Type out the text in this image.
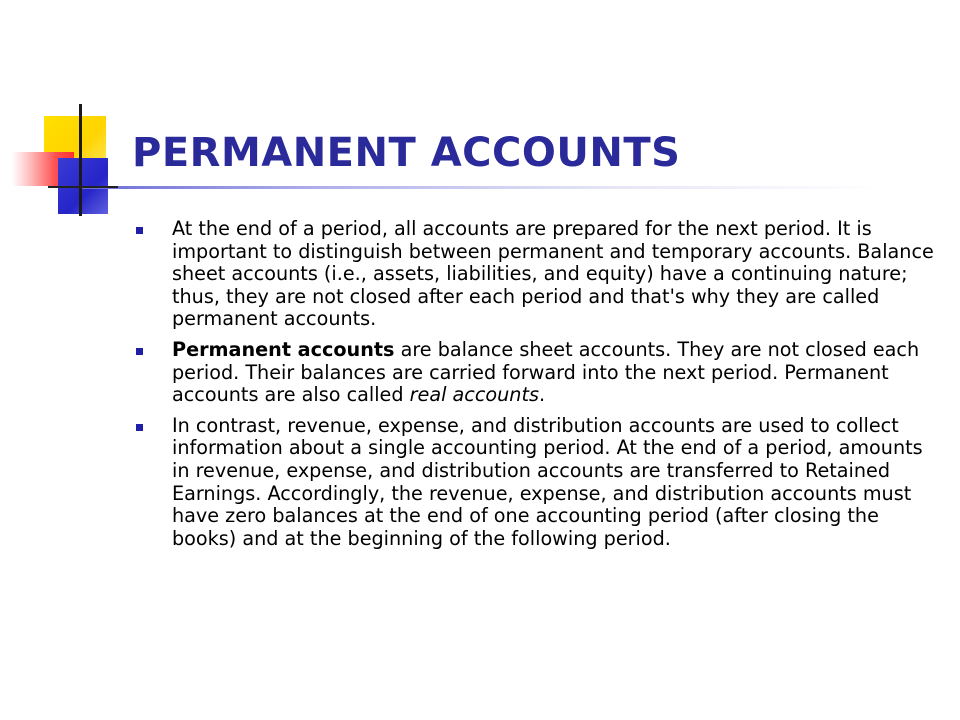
PERMANENT ACCOUNTS
At the end of a period, all accounts are prepared for the next period. It is important to distinguish between permanent and temporary accounts. Balance sheet accounts (i.e., assets, liabilities, and equity) have a continuing nature; thus, they are not closed after each period and that's why they are called permanent accounts.
Permanent accounts are balance sheet accounts. They are not closed each period. Their balances are carried forward into the next period. Permanent accounts are also called real accounts.
In contrast, revenue, expense, and distribution accounts are used to collect information about a single accounting period. At the end of a period, amounts in revenue, expense, and distribution accounts are transferred to Retained Earnings. Accordingly, the revenue, expense, and distribution accounts must have zero balances at the end of one accounting period (after closing the books) and at the beginning of the following period.
